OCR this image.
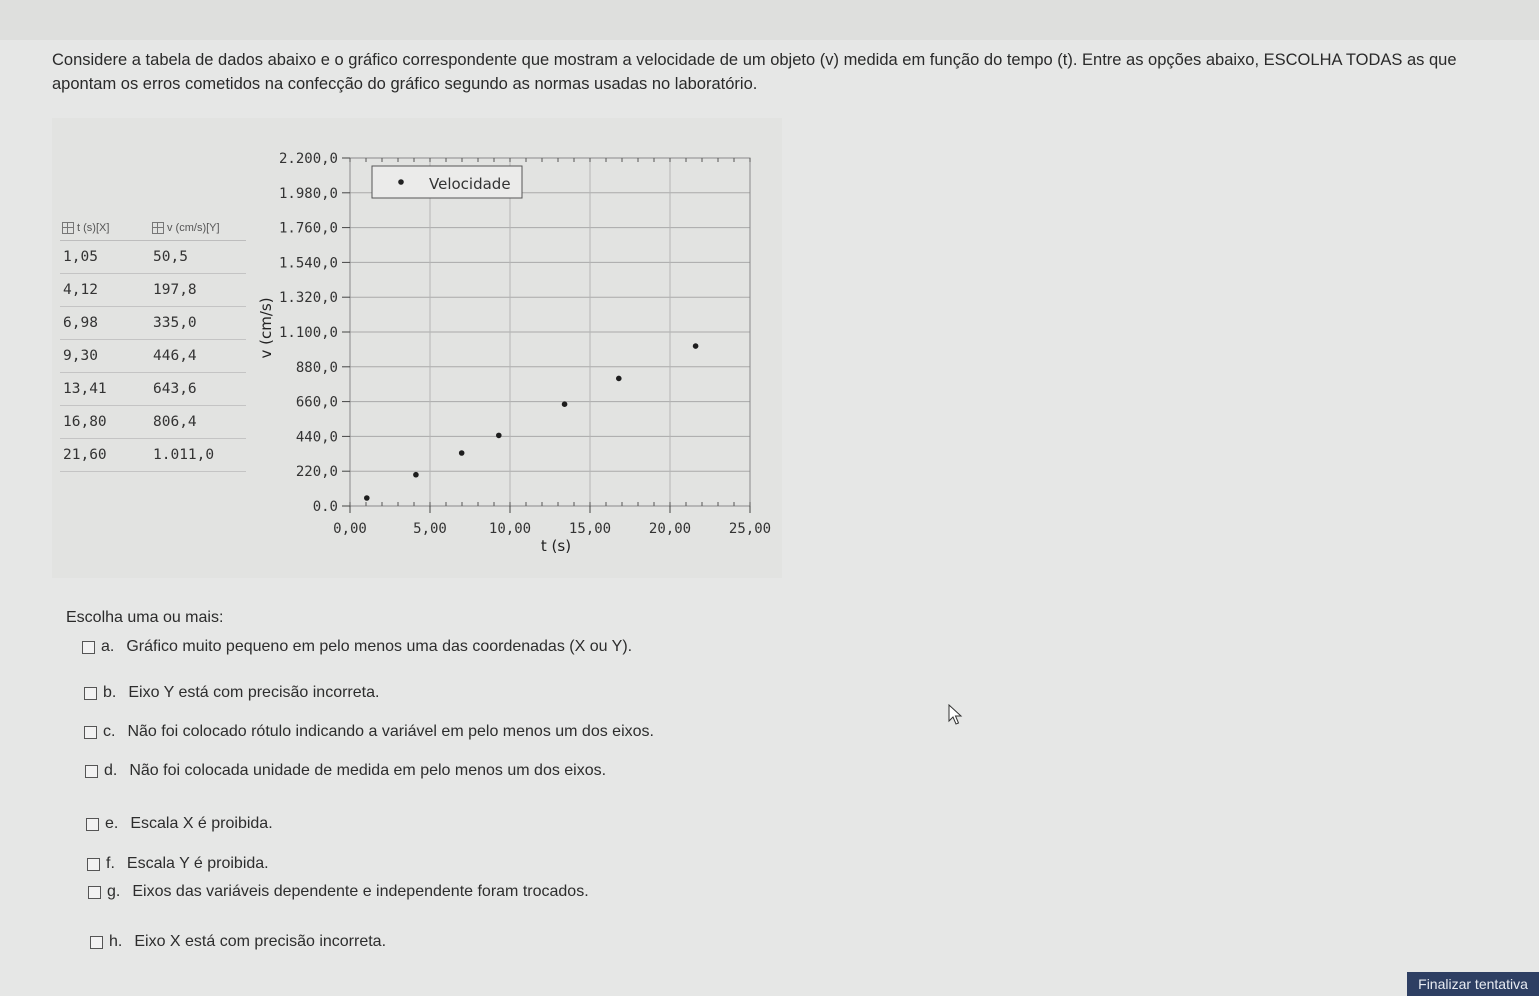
Considere a tabela de dados abaixo e o gráfico correspondente que mostram a velocidade de um objeto (v) medida em função do tempo (t). Entre as opções abaixo, ESCOLHA TODAS as que apontam os erros cometidos na confecção do gráfico segundo as normas usadas no laboratório.
t (s)[X]	v (cm/s)[Y]
1,05	50,5
4,12	197,8
6,98	335,0
9,30	446,4
13,41	643,6
16,80	806,4
21,60	1.011,0
0.0
220,0
440,0
660,0
880,0
1.100,0
1.320,0
1.540,0
1.760,0
1.980,0
2.200,0
0,00	5,00	10,00	15,00	20,00	25,00
Velocidade
t (s)
v (cm/s)
Escolha uma ou mais:
a. Gráfico muito pequeno em pelo menos uma das coordenadas (X ou Y).
b. Eixo Y está com precisão incorreta.
c. Não foi colocado rótulo indicando a variável em pelo menos um dos eixos.
d. Não foi colocada unidade de medida em pelo menos um dos eixos.
e. Escala X é proibida.
f. Escala Y é proibida.
g. Eixos das variáveis dependente e independente foram trocados.
h. Eixo X está com precisão incorreta.
Finalizar tentativa
